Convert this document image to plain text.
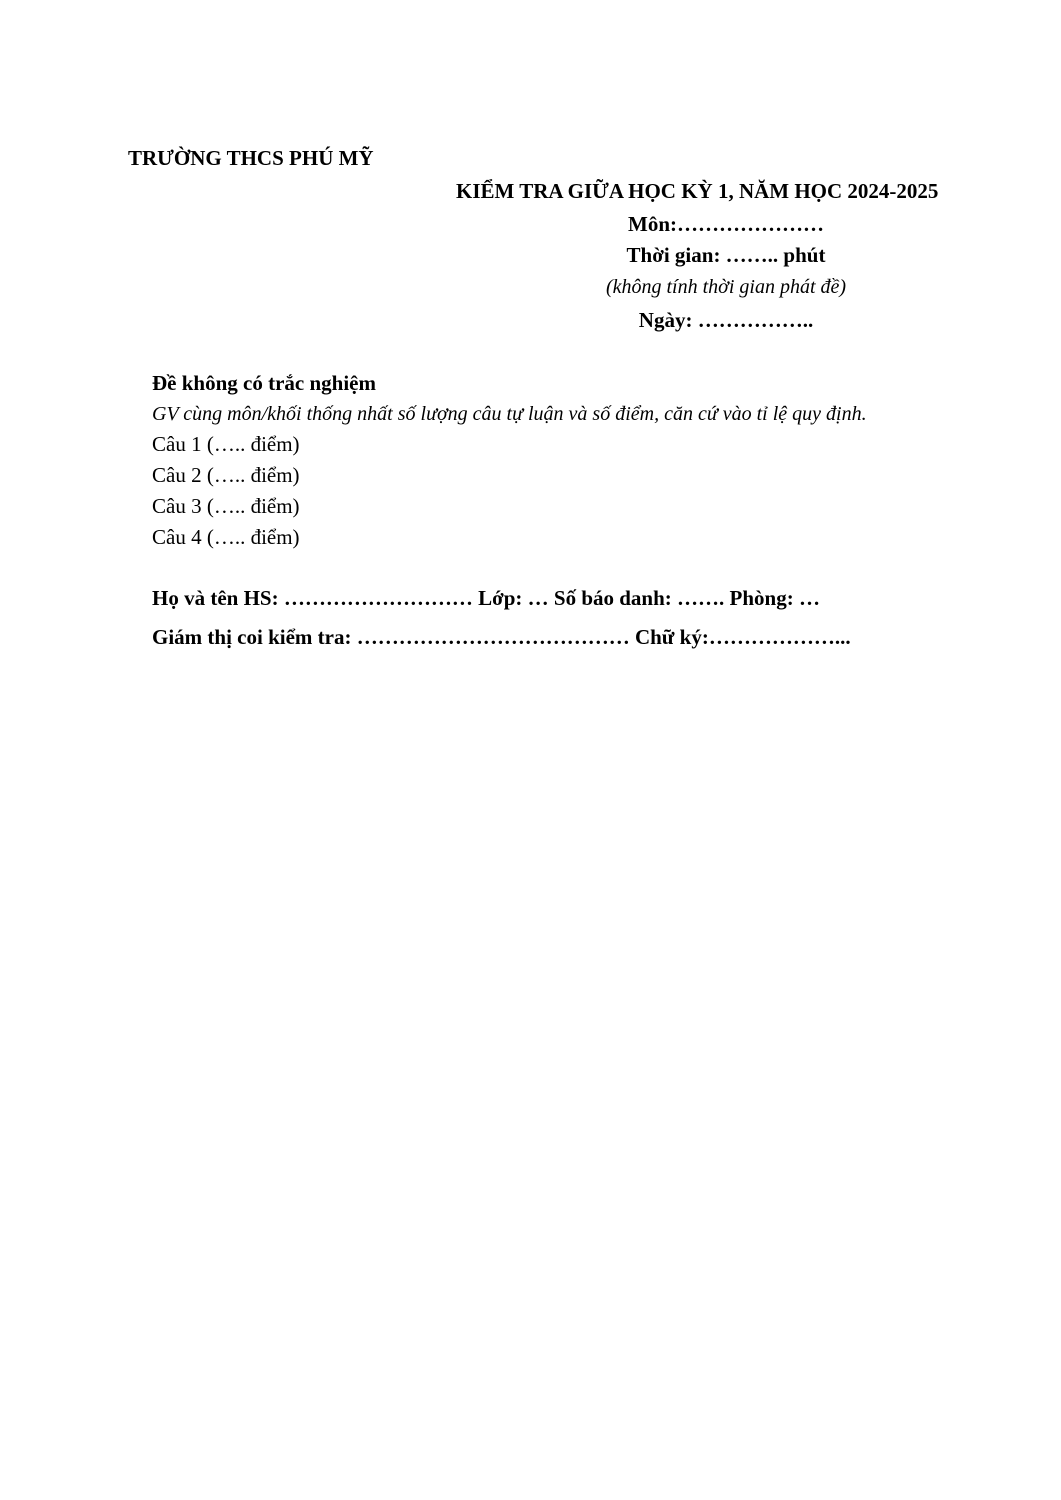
TRƯỜNG THCS PHÚ MỸ
KIỂM TRA GIỮA HỌC KỲ 1, NĂM HỌC 2024-2025
Môn:…………………
Thời gian: …….. phút
(không tính thời gian phát đề)
Ngày: ……………..
Đề không có trắc nghiệm
GV cùng môn/khối thống nhất số lượng câu tự luận và số điểm, căn cứ vào tỉ lệ quy định.
Câu 1 (….. điểm)
Câu 2 (….. điểm)
Câu 3 (….. điểm)
Câu 4 (….. điểm)
Họ và tên HS: ……………………… Lớp: … Số báo danh: ……. Phòng: …
Giám thị coi kiểm tra: ………………………………… Chữ ký:………………...
